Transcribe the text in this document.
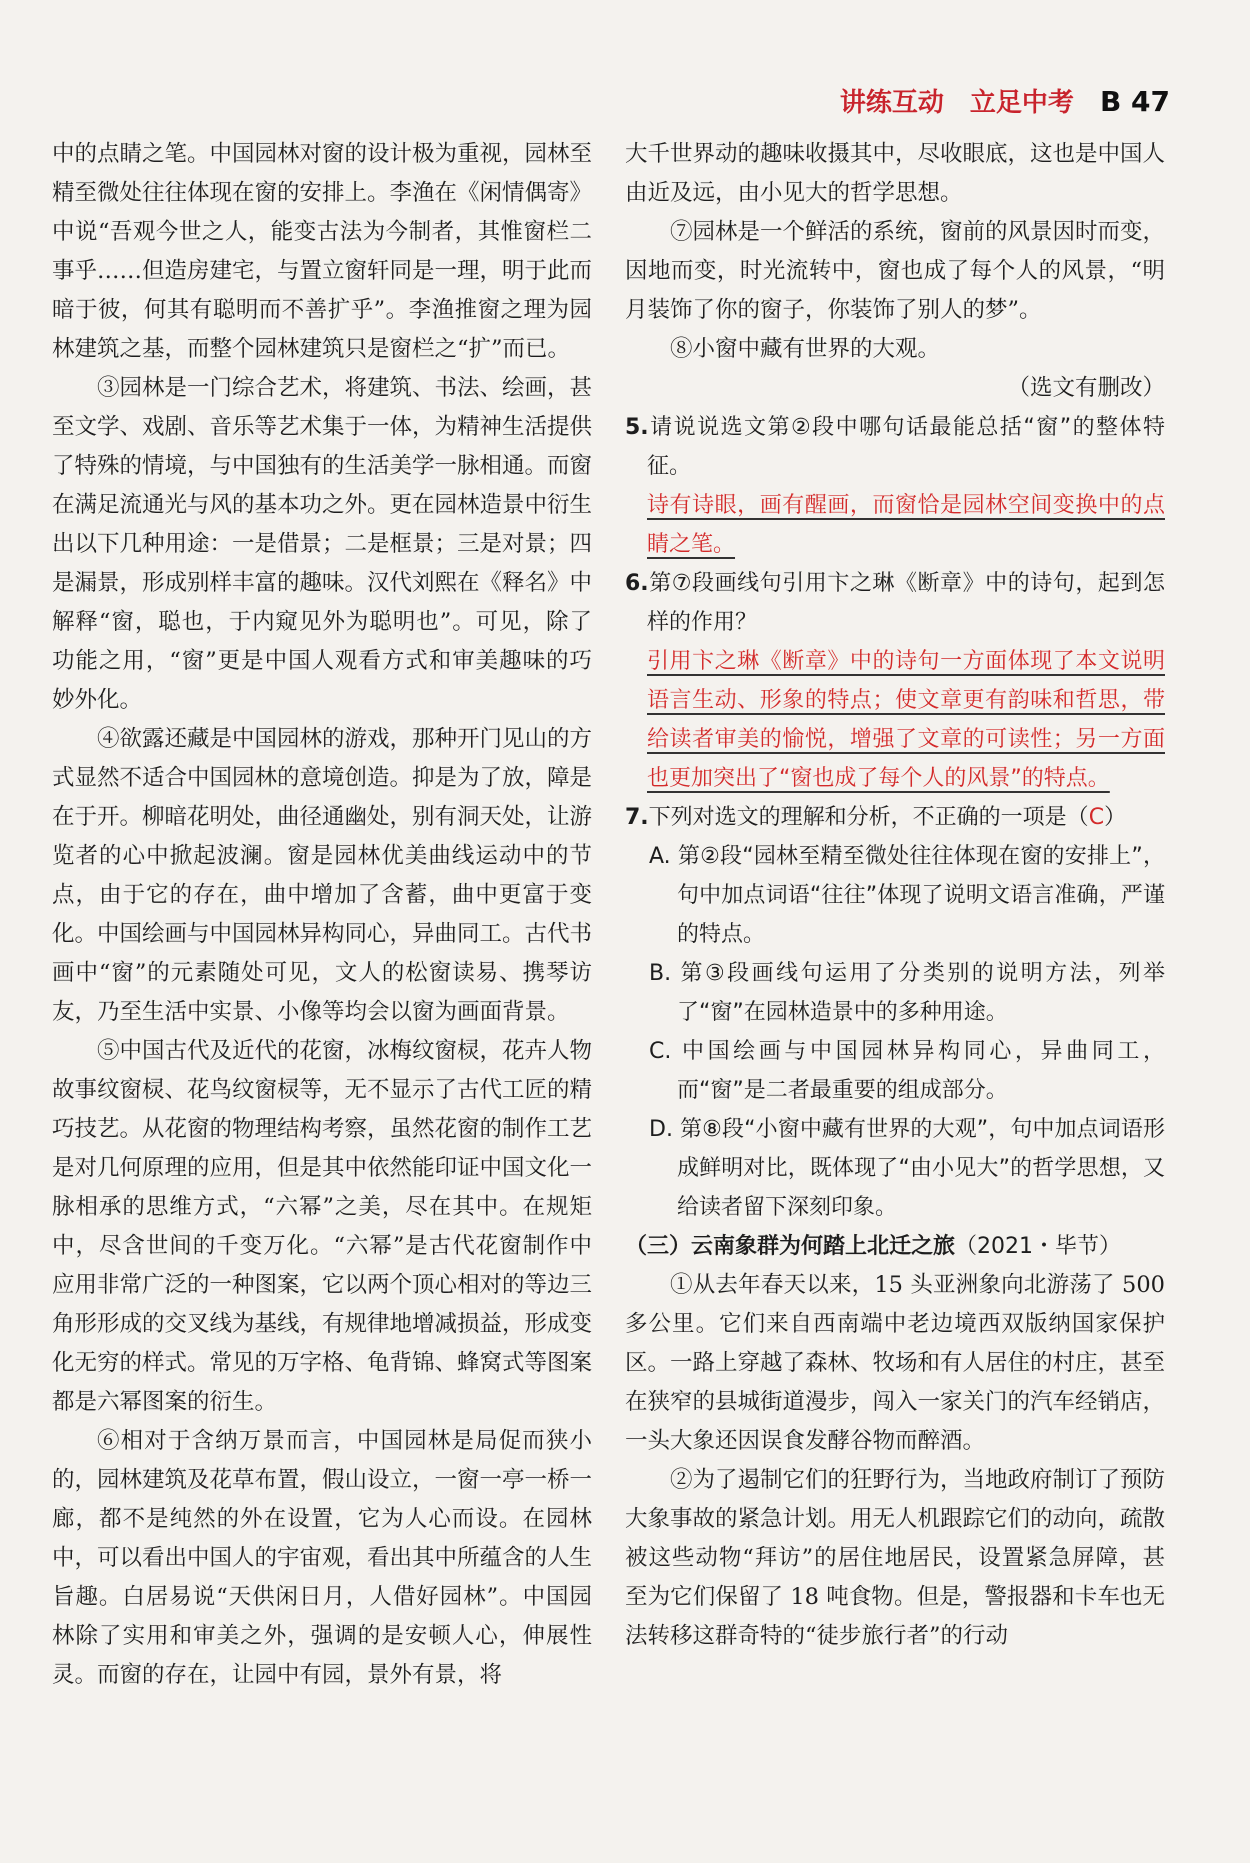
讲练互动 立足中考 B 47

中的点睛之笔。中国园林对窗的设计极为重视，园林至精至微处往往体现在窗的安排上。李渔在《闲情偶寄》中说“吾观今世之人，能变古法为今制者，其惟窗栏二事乎……但造房建宅，与置立窗轩同是一理，明于此而暗于彼，何其有聪明而不善扩乎”。李渔推窗之理为园林建筑之基，而整个园林建筑只是窗栏之“扩”而已。

③园林是一门综合艺术，将建筑、书法、绘画，甚至文学、戏剧、音乐等艺术集于一体，为精神生活提供了特殊的情境，与中国独有的生活美学一脉相通。而窗在满足流通光与风的基本功之外。更在园林造景中衍生出以下几种用途：一是借景；二是框景；三是对景；四是漏景，形成别样丰富的趣味。汉代刘熙在《释名》中解释“窗，聪也，于内窥见外为聪明也”。可见，除了功能之用，“窗”更是中国人观看方式和审美趣味的巧妙外化。

④欲露还藏是中国园林的游戏，那种开门见山的方式显然不适合中国园林的意境创造。抑是为了放，障是在于开。柳暗花明处，曲径通幽处，别有洞天处，让游览者的心中掀起波澜。窗是园林优美曲线运动中的节点，由于它的存在，曲中增加了含蓄，曲中更富于变化。中国绘画与中国园林异构同心，异曲同工。古代书画中“窗”的元素随处可见，文人的松窗读易、携琴访友，乃至生活中实景、小像等均会以窗为画面背景。

⑤中国古代及近代的花窗，冰梅纹窗棂，花卉人物故事纹窗棂、花鸟纹窗棂等，无不显示了古代工匠的精巧技艺。从花窗的物理结构考察，虽然花窗的制作工艺是对几何原理的应用，但是其中依然能印证中国文化一脉相承的思维方式，“六幂”之美，尽在其中。在规矩中，尽含世间的千变万化。“六幂”是古代花窗制作中应用非常广泛的一种图案，它以两个顶心相对的等边三角形形成的交叉线为基线，有规律地增减损益，形成变化无穷的样式。常见的万字格、龟背锦、蜂窝式等图案都是六幂图案的衍生。

⑥相对于含纳万景而言，中国园林是局促而狭小的，园林建筑及花草布置，假山设立，一窗一亭一桥一廊，都不是纯然的外在设置，它为人心而设。在园林中，可以看出中国人的宇宙观，看出其中所蕴含的人生旨趣。白居易说“天供闲日月，人借好园林”。中国园林除了实用和审美之外，强调的是安顿人心，伸展性灵。而窗的存在，让园中有园，景外有景，将

大千世界动的趣味收摄其中，尽收眼底，这也是中国人由近及远，由小见大的哲学思想。

⑦园林是一个鲜活的系统，窗前的风景因时而变，因地而变，时光流转中，窗也成了每个人的风景，“明月装饰了你的窗子，你装饰了别人的梦”。

⑧小窗中藏有世界的大观。

（选文有删改）

5.请说说选文第②段中哪句话最能总括“窗”的整体特征。

诗有诗眼，画有醒画，而窗恰是园林空间变换中的点睛之笔。

6.第⑦段画线句引用卞之琳《断章》中的诗句，起到怎样的作用？

引用卞之琳《断章》中的诗句一方面体现了本文说明语言生动、形象的特点；使文章更有韵味和哲思，带给读者审美的愉悦，增强了文章的可读性；另一方面也更加突出了“窗也成了每个人的风景”的特点。

7.下列对选文的理解和分析，不正确的一项是（C）

A. 第②段“园林至精至微处往往体现在窗的安排上”，句中加点词语“往往”体现了说明文语言准确，严谨的特点。

B. 第③段画线句运用了分类别的说明方法，列举了“窗”在园林造景中的多种用途。

C. 中国绘画与中国园林异构同心，异曲同工，而“窗”是二者最重要的组成部分。

D. 第⑧段“小窗中藏有世界的大观”，句中加点词语形成鲜明对比，既体现了“由小见大”的哲学思想，又给读者留下深刻印象。

（三）云南象群为何踏上北迁之旅（2021・毕节）

①从去年春天以来，15 头亚洲象向北游荡了 500 多公里。它们来自西南端中老边境西双版纳国家保护区。一路上穿越了森林、牧场和有人居住的村庄，甚至在狭窄的县城街道漫步，闯入一家关门的汽车经销店，一头大象还因误食发酵谷物而醉酒。

②为了遏制它们的狂野行为，当地政府制订了预防大象事故的紧急计划。用无人机跟踪它们的动向，疏散被这些动物“拜访”的居住地居民，设置紧急屏障，甚至为它们保留了 18 吨食物。但是，警报器和卡车也无法转移这群奇特的“徒步旅行者”的行动
